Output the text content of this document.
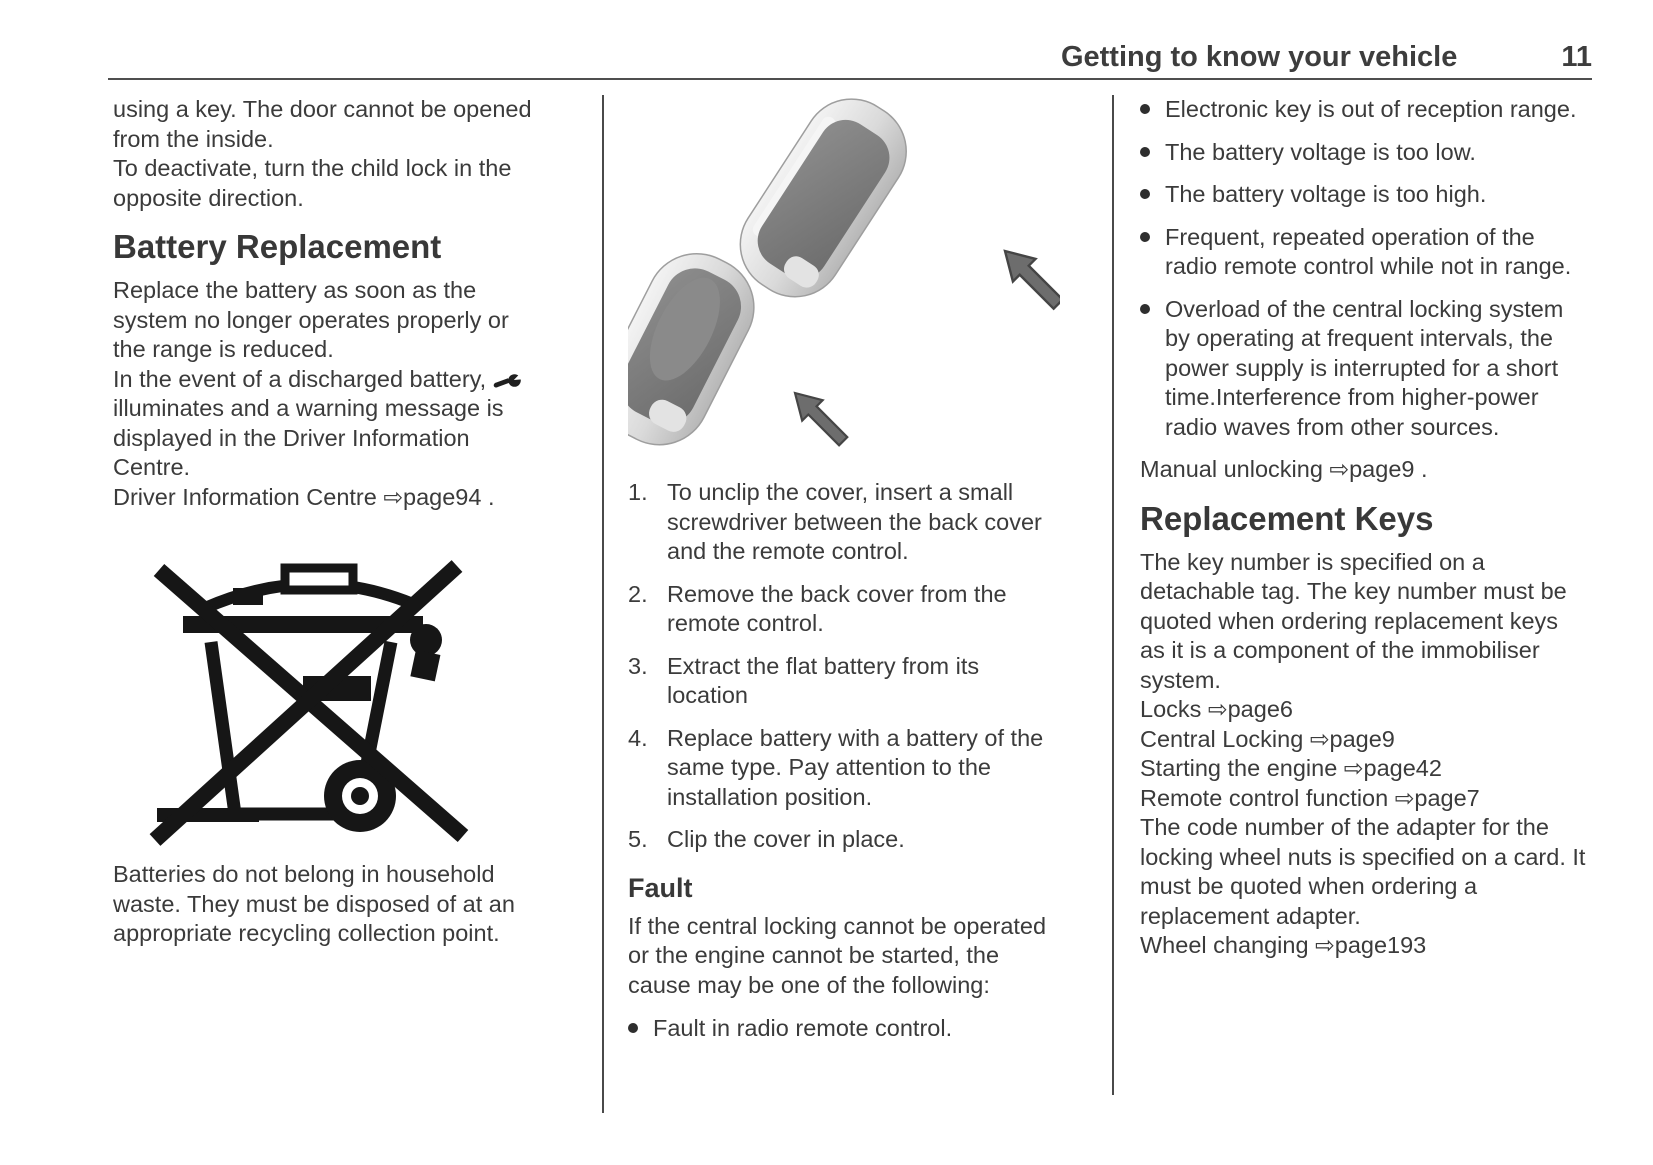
Getting to know your vehicle	11

using a key. The door cannot be opened from the inside.

To deactivate, turn the child lock in the opposite direction.

Battery Replacement

Replace the battery as soon as the system no longer operates properly or the range is reduced.

In the event of a discharged battery, illuminates and a warning message is displayed in the Driver Information Centre.

Driver Information Centre ⇨page94 .

Batteries do not belong in household waste. They must be disposed of at an appropriate recycling collection point.

1. To unclip the cover, insert a small screwdriver between the back cover and the remote control.
2. Remove the back cover from the remote control.
3. Extract the flat battery from its location
4. Replace battery with a battery of the same type. Pay attention to the installation position.
5. Clip the cover in place.
Fault

If the central locking cannot be operated or the engine cannot be started, the cause may be one of the following:

Fault in radio remote control.
Electronic key is out of reception range.
The battery voltage is too low.
The battery voltage is too high.
Frequent, repeated operation of the radio remote control while not in range.
Overload of the central locking system by operating at frequent intervals, the power supply is interrupted for a short time.Interference from higher-power radio waves from other sources.

Manual unlocking ⇨page9 .

Replacement Keys

The key number is specified on a detachable tag. The key number must be quoted when ordering replacement keys as it is a component of the immobiliser system.

Locks ⇨page6

Central Locking ⇨page9

Starting the engine ⇨page42

Remote control function ⇨page7

The code number of the adapter for the locking wheel nuts is specified on a card. It must be quoted when ordering a replacement adapter.

Wheel changing ⇨page193
